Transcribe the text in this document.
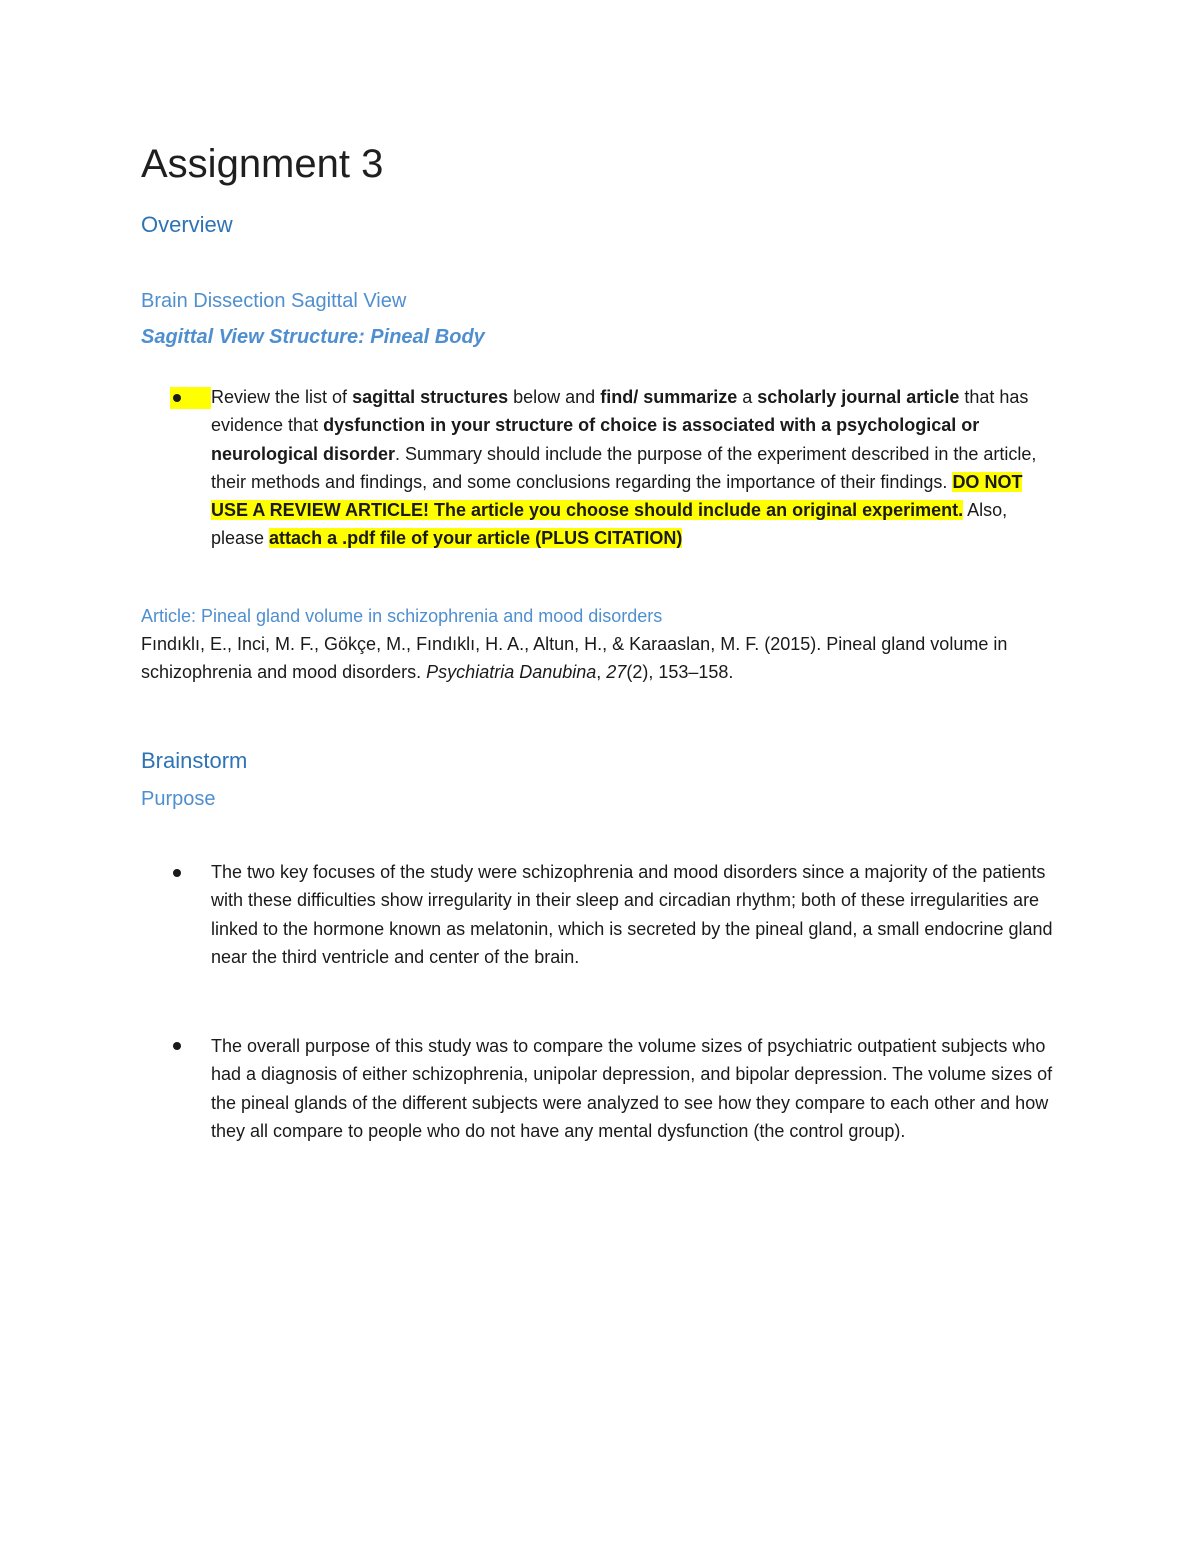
Assignment 3
Overview
Brain Dissection Sagittal View
Sagittal View Structure: Pineal Body

Review the list of sagittal structures below and find/ summarize a scholarly journal article that has evidence that dysfunction in your structure of choice is associated with a psychological or neurological disorder. Summary should include the purpose of the experiment described in the article, their methods and findings, and some conclusions regarding the importance of their findings. DO NOT USE A REVIEW ARTICLE! The article you choose should include an original experiment. Also, please attach a .pdf file of your article (PLUS CITATION)

Article: Pineal gland volume in schizophrenia and mood disorders

Fındıklı, E., Inci, M. F., Gökçe, M., Fındıklı, H. A., Altun, H., & Karaaslan, M. F. (2015). Pineal gland volume in schizophrenia and mood disorders. Psychiatria Danubina, 27(2), 153–158.

Brainstorm
Purpose

The two key focuses of the study were schizophrenia and mood disorders since a majority of the patients with these difficulties show irregularity in their sleep and circadian rhythm; both of these irregularities are linked to the hormone known as melatonin, which is secreted by the pineal gland, a small endocrine gland near the third ventricle and center of the brain.

The overall purpose of this study was to compare the volume sizes of psychiatric outpatient subjects who had a diagnosis of either schizophrenia, unipolar depression, and bipolar depression. The volume sizes of the pineal glands of the different subjects were analyzed to see how they compare to each other and how they all compare to people who do not have any mental dysfunction (the control group).
